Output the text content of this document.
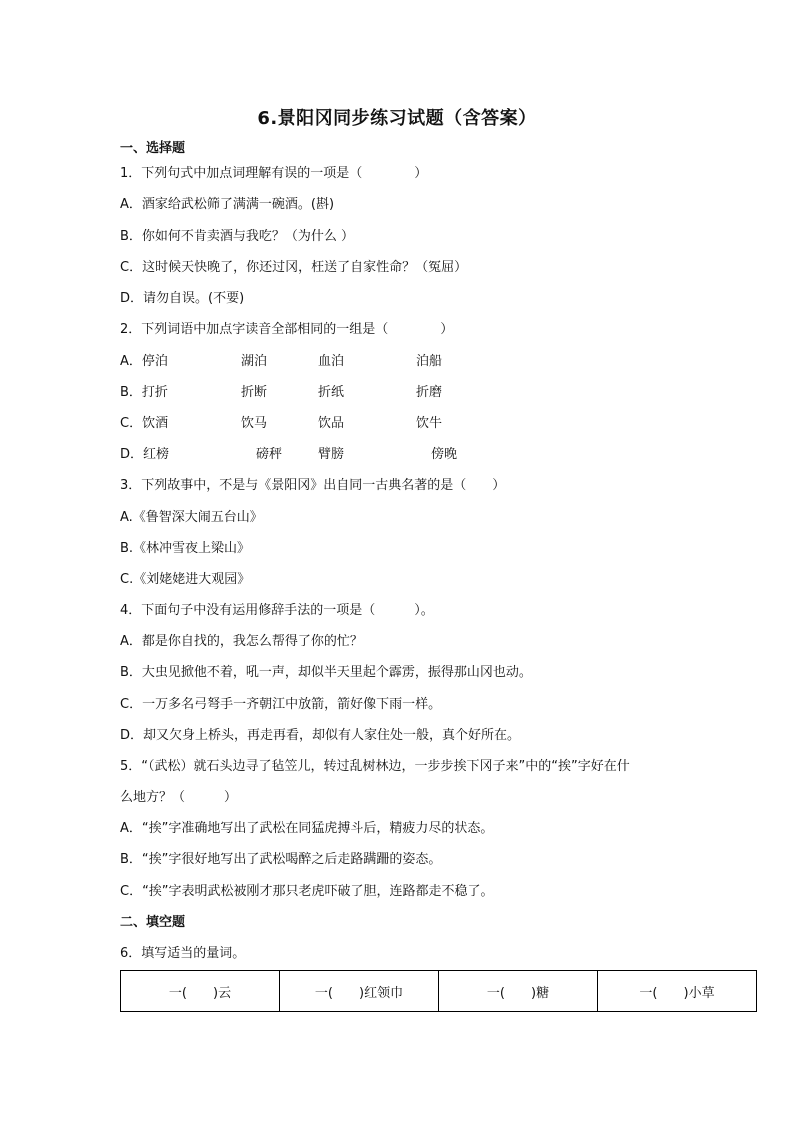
6.景阳冈同步练习试题（含答案）
一、选择题
1．下列句式中加点词理解有误的一项是（　　　　）
A．酒家给武松筛了满满一碗酒。(斟)
B．你如何不肯卖酒与我吃？（为什么 ）
C．这时候天快晚了，你还过冈，枉送了自家性命？（冤屈）
D．请勿自误。(不要)
2．下列词语中加点字读音全部相同的一组是（　　　　）
A．停泊	湖泊	血泊	泊船
B．打折	折断	折纸	折磨
C．饮酒	饮马	饮品	饮牛
D．红榜	磅秤	臂膀	傍晚
3．下列故事中，不是与《景阳冈》出自同一古典名著的是（　　）
A.《鲁智深大闹五台山》
B.《林冲雪夜上梁山》
C.《刘姥姥进大观园》
4．下面句子中没有运用修辞手法的一项是（　　　）。
A．都是你自找的，我怎么帮得了你的忙？
B．大虫见掀他不着，吼一声，却似半天里起个霹雳，振得那山冈也动。
C．一万多名弓弩手一齐朝江中放箭，箭好像下雨一样。
D．却又欠身上桥头，再走再看，却似有人家住处一般，真个好所在。
5．“（武松）就石头边寻了毡笠儿，转过乱树林边，一步步挨下冈子来”中的“挨”字好在什
么地方？（　　　）
A．“挨”字准确地写出了武松在同猛虎搏斗后，精疲力尽的状态。
B．“挨”字很好地写出了武松喝醉之后走路蹒跚的姿态。
C．“挨”字表明武松被刚才那只老虎吓破了胆，连路都走不稳了。
二、填空题
6．填写适当的量词。
一(　　)云	一(　　)红领巾	一(　　)糖	一(　　)小草
